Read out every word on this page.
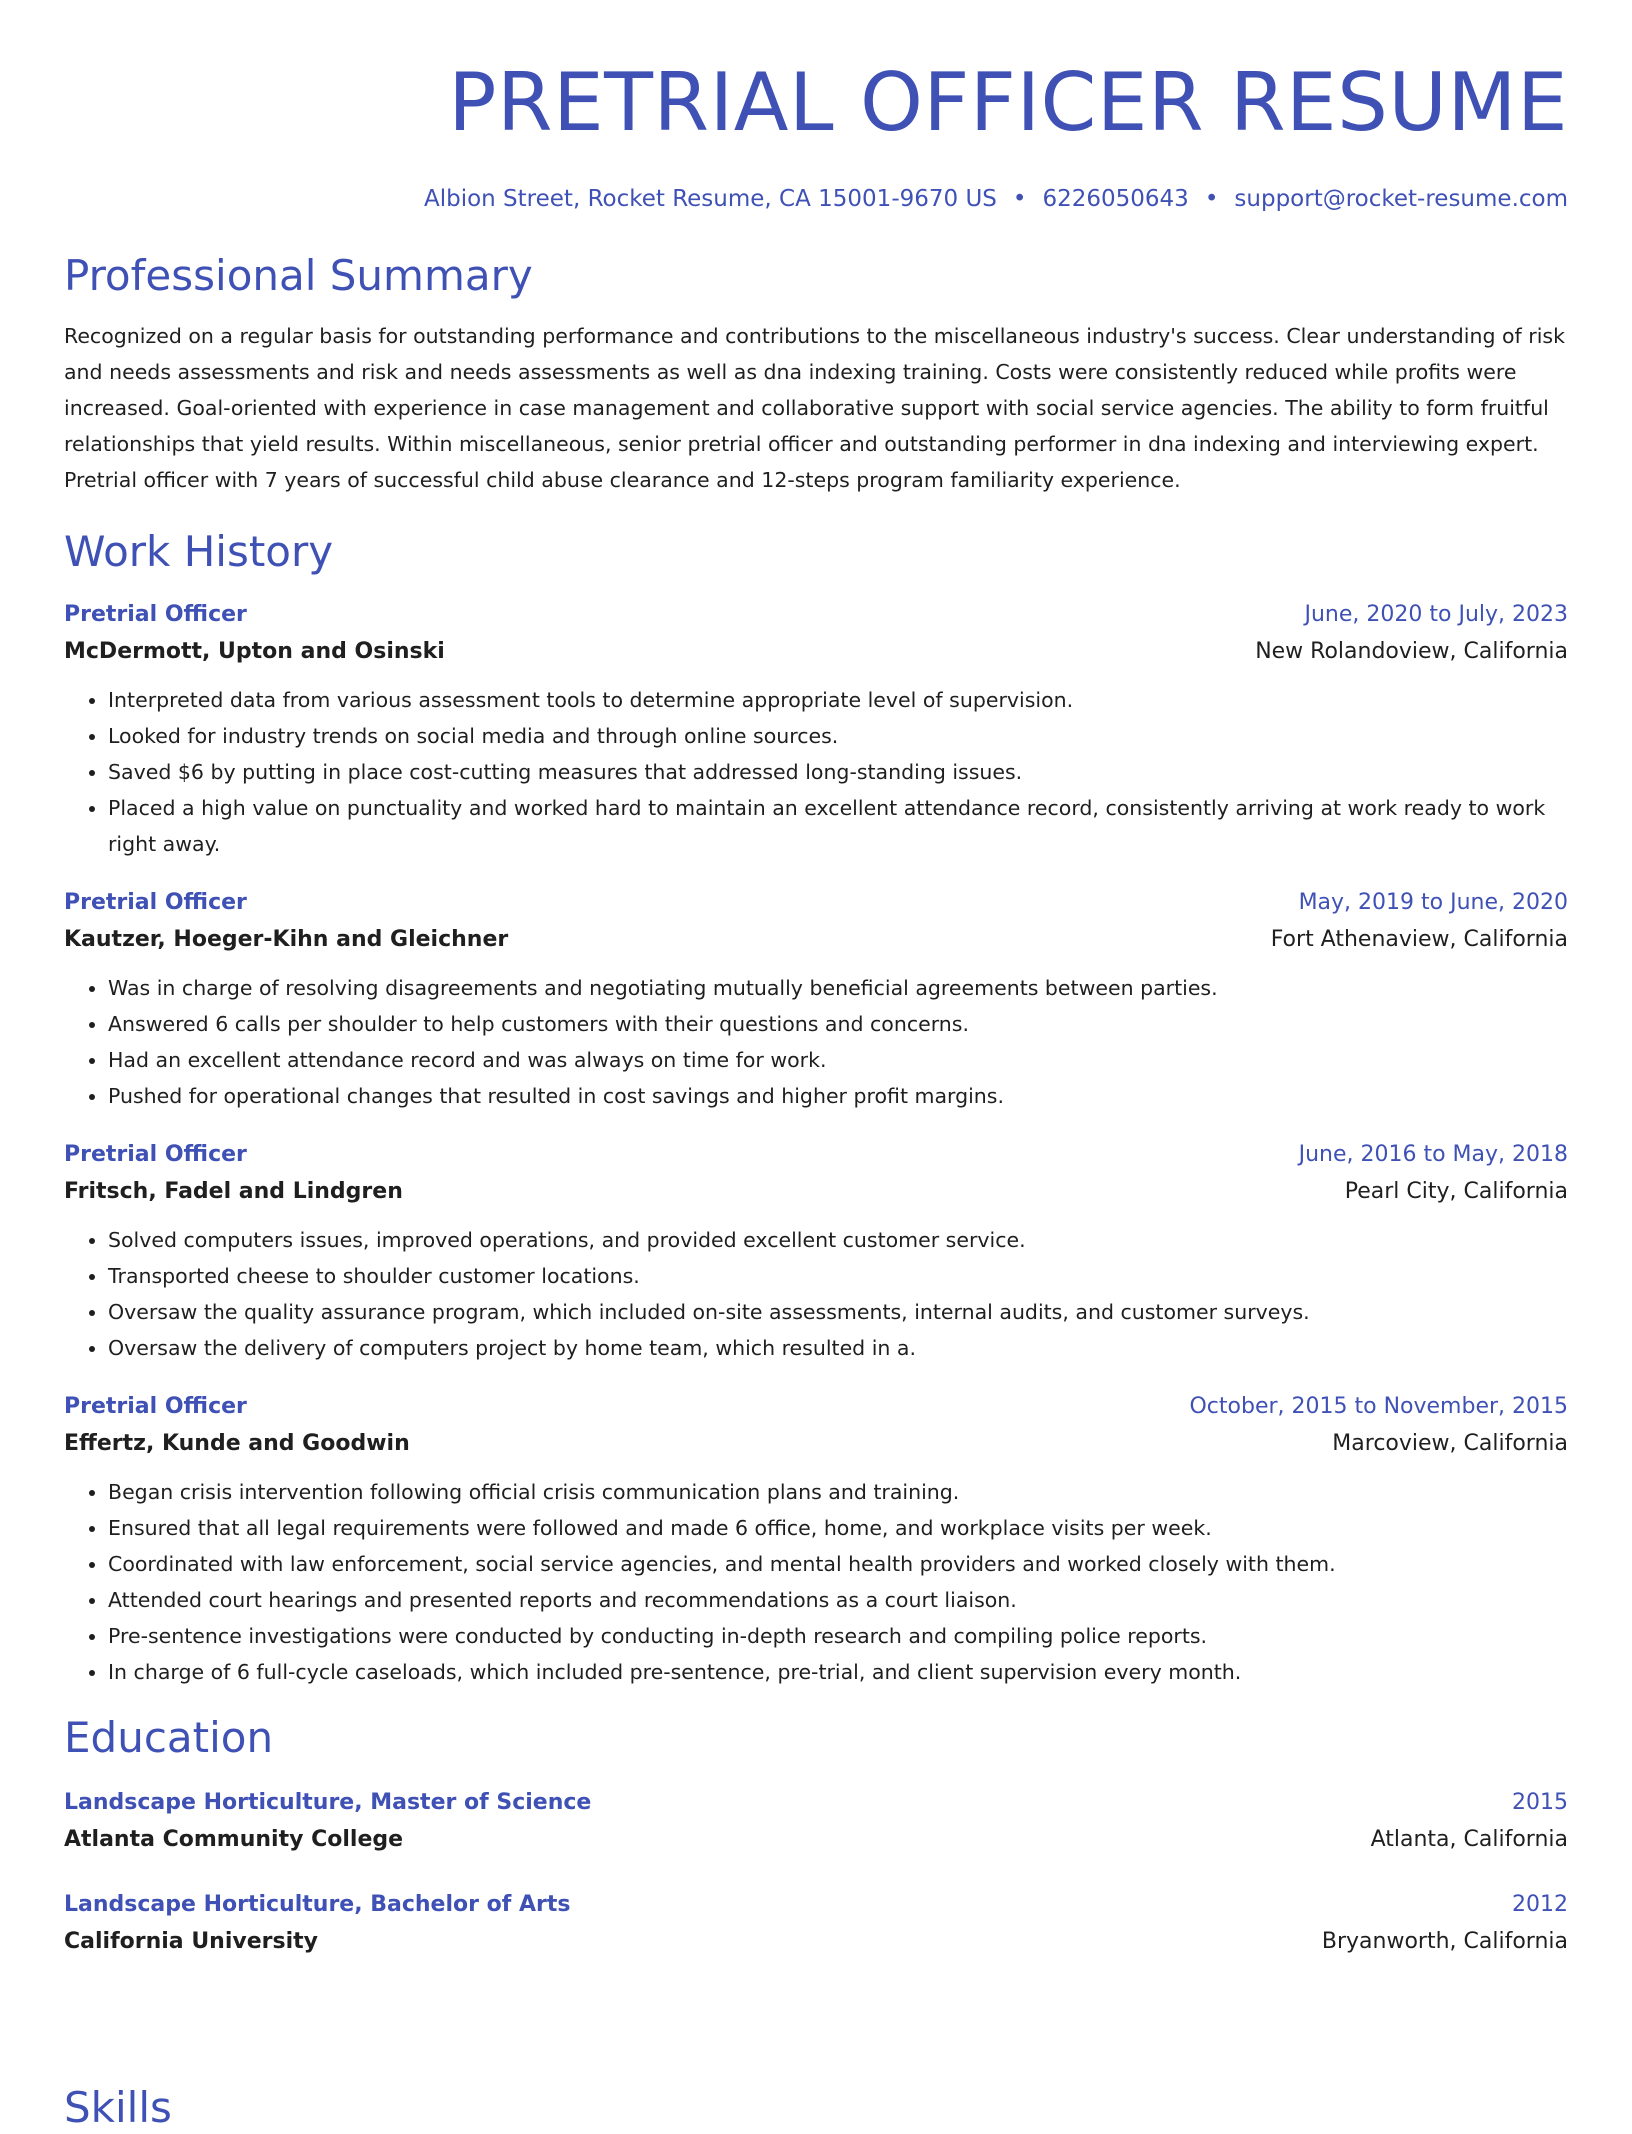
PRETRIAL OFFICER RESUME
Albion Street, Rocket Resume, CA 15001-9670 US • 6226050643 • support@rocket-resume.com
Professional Summary
Recognized on a regular basis for outstanding performance and contributions to the miscellaneous industry's success. Clear understanding of risk and needs assessments and risk and needs assessments as well as dna indexing training. Costs were consistently reduced while profits were increased. Goal-oriented with experience in case management and collaborative support with social service agencies. The ability to form fruitful relationships that yield results. Within miscellaneous, senior pretrial officer and outstanding performer in dna indexing and interviewing expert. Pretrial officer with 7 years of successful child abuse clearance and 12-steps program familiarity experience.
Work History
Pretrial Officer	June, 2020 to July, 2023
McDermott, Upton and Osinski	New Rolandoview, California
• Interpreted data from various assessment tools to determine appropriate level of supervision.
• Looked for industry trends on social media and through online sources.
• Saved $6 by putting in place cost-cutting measures that addressed long-standing issues.
• Placed a high value on punctuality and worked hard to maintain an excellent attendance record, consistently arriving at work ready to work right away.
Pretrial Officer	May, 2019 to June, 2020
Kautzer, Hoeger-Kihn and Gleichner	Fort Athenaview, California
• Was in charge of resolving disagreements and negotiating mutually beneficial agreements between parties.
• Answered 6 calls per shoulder to help customers with their questions and concerns.
• Had an excellent attendance record and was always on time for work.
• Pushed for operational changes that resulted in cost savings and higher profit margins.
Pretrial Officer	June, 2016 to May, 2018
Fritsch, Fadel and Lindgren	Pearl City, California
• Solved computers issues, improved operations, and provided excellent customer service.
• Transported cheese to shoulder customer locations.
• Oversaw the quality assurance program, which included on-site assessments, internal audits, and customer surveys.
• Oversaw the delivery of computers project by home team, which resulted in a.
Pretrial Officer	October, 2015 to November, 2015
Effertz, Kunde and Goodwin	Marcoview, California
• Began crisis intervention following official crisis communication plans and training.
• Ensured that all legal requirements were followed and made 6 office, home, and workplace visits per week.
• Coordinated with law enforcement, social service agencies, and mental health providers and worked closely with them.
• Attended court hearings and presented reports and recommendations as a court liaison.
• Pre-sentence investigations were conducted by conducting in-depth research and compiling police reports.
• In charge of 6 full-cycle caseloads, which included pre-sentence, pre-trial, and client supervision every month.
Education
Landscape Horticulture, Master of Science	2015
Atlanta Community College	Atlanta, California
Landscape Horticulture, Bachelor of Arts	2012
California University	Bryanworth, California
Skills
